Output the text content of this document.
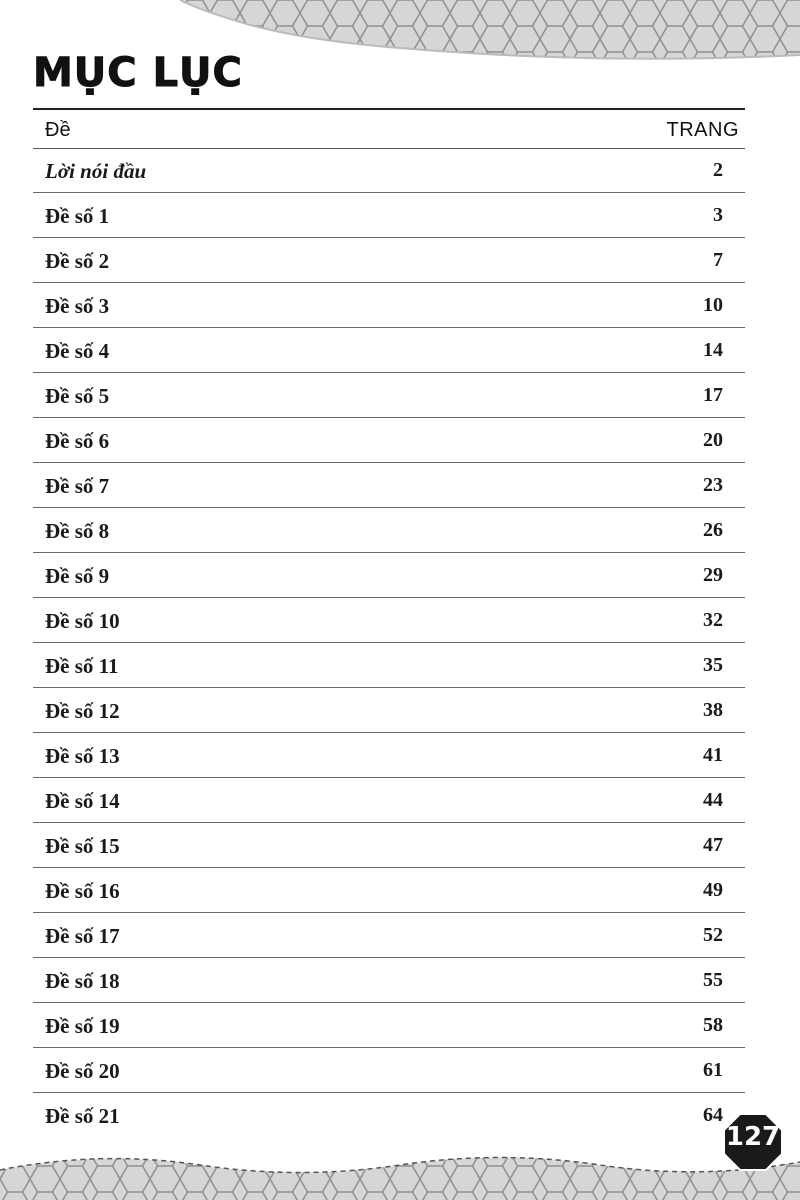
MỤC LỤC
Đề	TRANG
Lời nói đầu	2
Đề số 1	3
Đề số 2	7
Đề số 3	10
Đề số 4	14
Đề số 5	17
Đề số 6	20
Đề số 7	23
Đề số 8	26
Đề số 9	29
Đề số 10	32
Đề số 11	35
Đề số 12	38
Đề số 13	41
Đề số 14	44
Đề số 15	47
Đề số 16	49
Đề số 17	52
Đề số 18	55
Đề số 19	58
Đề số 20	61
Đề số 21	64
127
